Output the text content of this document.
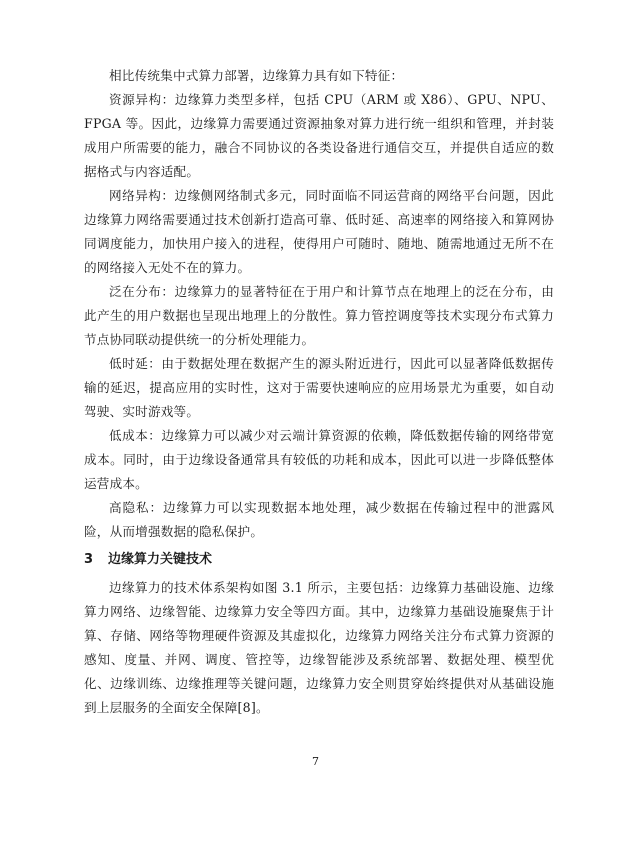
相比传统集中式算力部署，边缘算力具有如下特征：

资源异构：边缘算力类型多样，包括 CPU（ARM 或 X86）、GPU、NPU、FPGA 等。因此，边缘算力需要通过资源抽象对算力进行统一组织和管理，并封装成用户所需要的能力，融合不同协议的各类设备进行通信交互，并提供自适应的数据格式与内容适配。

网络异构：边缘侧网络制式多元，同时面临不同运营商的网络平台问题，因此边缘算力网络需要通过技术创新打造高可靠、低时延、高速率的网络接入和算网协同调度能力，加快用户接入的进程，使得用户可随时、随地、随需地通过无所不在的网络接入无处不在的算力。

泛在分布：边缘算力的显著特征在于用户和计算节点在地理上的泛在分布，由此产生的用户数据也呈现出地理上的分散性。算力管控调度等技术实现分布式算力节点协同联动提供统一的分析处理能力。

低时延：由于数据处理在数据产生的源头附近进行，因此可以显著降低数据传输的延迟，提高应用的实时性，这对于需要快速响应的应用场景尤为重要，如自动驾驶、实时游戏等。

低成本：边缘算力可以减少对云端计算资源的依赖，降低数据传输的网络带宽成本。同时，由于边缘设备通常具有较低的功耗和成本，因此可以进一步降低整体运营成本。

高隐私：边缘算力可以实现数据本地处理，减少数据在传输过程中的泄露风险，从而增强数据的隐私保护。

3 边缘算力关键技术

边缘算力的技术体系架构如图 3.1 所示，主要包括：边缘算力基础设施、边缘算力网络、边缘智能、边缘算力安全等四方面。其中，边缘算力基础设施聚焦于计算、存储、网络等物理硬件资源及其虚拟化，边缘算力网络关注分布式算力资源的感知、度量、并网、调度、管控等，边缘智能涉及系统部署、数据处理、模型优化、边缘训练、边缘推理等关键问题，边缘算力安全则贯穿始终提供对从基础设施到上层服务的全面安全保障[8]。

7
